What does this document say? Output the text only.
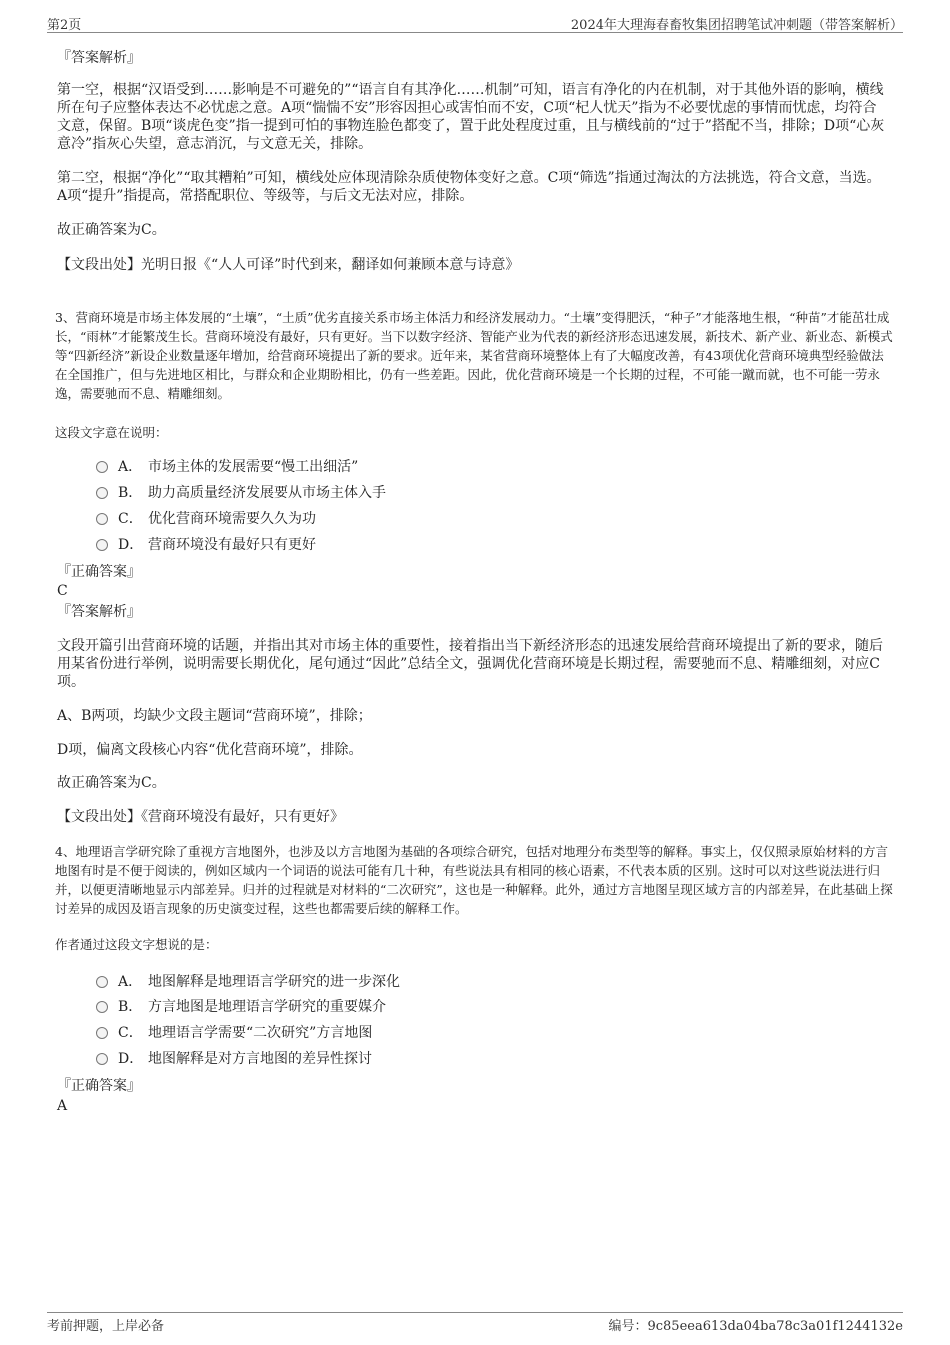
第2页	2024年大理海春畜牧集团招聘笔试冲刺题（带答案解析）

『答案解析』

第一空，根据“汉语受到……影响是不可避免的”“语言自有其净化……机制”可知，语言有净化的内在机制，对于其他外语的影响，横线所在句子应整体表达不必忧虑之意。A项“惴惴不安”形容因担心或害怕而不安，C项“杞人忧天”指为不必要忧虑的事情而忧虑，均符合文意，保留。B项“谈虎色变”指一提到可怕的事物连脸色都变了，置于此处程度过重，且与横线前的“过于”搭配不当，排除；D项“心灰意冷”指灰心失望，意志消沉，与文意无关，排除。

第二空，根据“净化”“取其糟粕”可知，横线处应体现清除杂质使物体变好之意。C项“筛选”指通过淘汰的方法挑选，符合文意，当选。A项“提升”指提高，常搭配职位、等级等，与后文无法对应，排除。

故正确答案为C。

【文段出处】光明日报《“人人可译”时代到来，翻译如何兼顾本意与诗意》

3、营商环境是市场主体发展的“土壤”，“土质”优劣直接关系市场主体活力和经济发展动力。“土壤”变得肥沃，“种子”才能落地生根，“种苗”才能茁壮成长，“雨林”才能繁茂生长。营商环境没有最好，只有更好。当下以数字经济、智能产业为代表的新经济形态迅速发展，新技术、新产业、新业态、新模式等“四新经济”新设企业数量逐年增加，给营商环境提出了新的要求。近年来，某省营商环境整体上有了大幅度改善，有43项优化营商环境典型经验做法在全国推广，但与先进地区相比，与群众和企业期盼相比，仍有一些差距。因此，优化营商环境是一个长期的过程，不可能一蹴而就，也不可能一劳永逸，需要驰而不息、精雕细刻。

这段文字意在说明：

A． 市场主体的发展需要“慢工出细活”
B． 助力高质量经济发展要从市场主体入手
C． 优化营商环境需要久久为功
D． 营商环境没有最好只有更好
『正确答案』
C
『答案解析』

文段开篇引出营商环境的话题，并指出其对市场主体的重要性，接着指出当下新经济形态的迅速发展给营商环境提出了新的要求，随后用某省份进行举例，说明需要长期优化，尾句通过“因此”总结全文，强调优化营商环境是长期过程，需要驰而不息、精雕细刻，对应C项。

A、B两项，均缺少文段主题词“营商环境”，排除；

D项，偏离文段核心内容“优化营商环境”，排除。

故正确答案为C。

【文段出处】《营商环境没有最好，只有更好》

4、地理语言学研究除了重视方言地图外，也涉及以方言地图为基础的各项综合研究，包括对地理分布类型等的解释。事实上，仅仅照录原始材料的方言地图有时是不便于阅读的，例如区域内一个词语的说法可能有几十种，有些说法具有相同的核心语素，不代表本质的区别。这时可以对这些说法进行归并，以便更清晰地显示内部差异。归并的过程就是对材料的“二次研究”，这也是一种解释。此外，通过方言地图呈现区域方言的内部差异，在此基础上探讨差异的成因及语言现象的历史演变过程，这些也都需要后续的解释工作。

作者通过这段文字想说的是：

A． 地图解释是地理语言学研究的进一步深化
B． 方言地图是地理语言学研究的重要媒介
C． 地理语言学需要“二次研究”方言地图
D． 地图解释是对方言地图的差异性探讨
『正确答案』
A
考前押题，上岸必备	编号：9c85eea613da04ba78c3a01f1244132e
